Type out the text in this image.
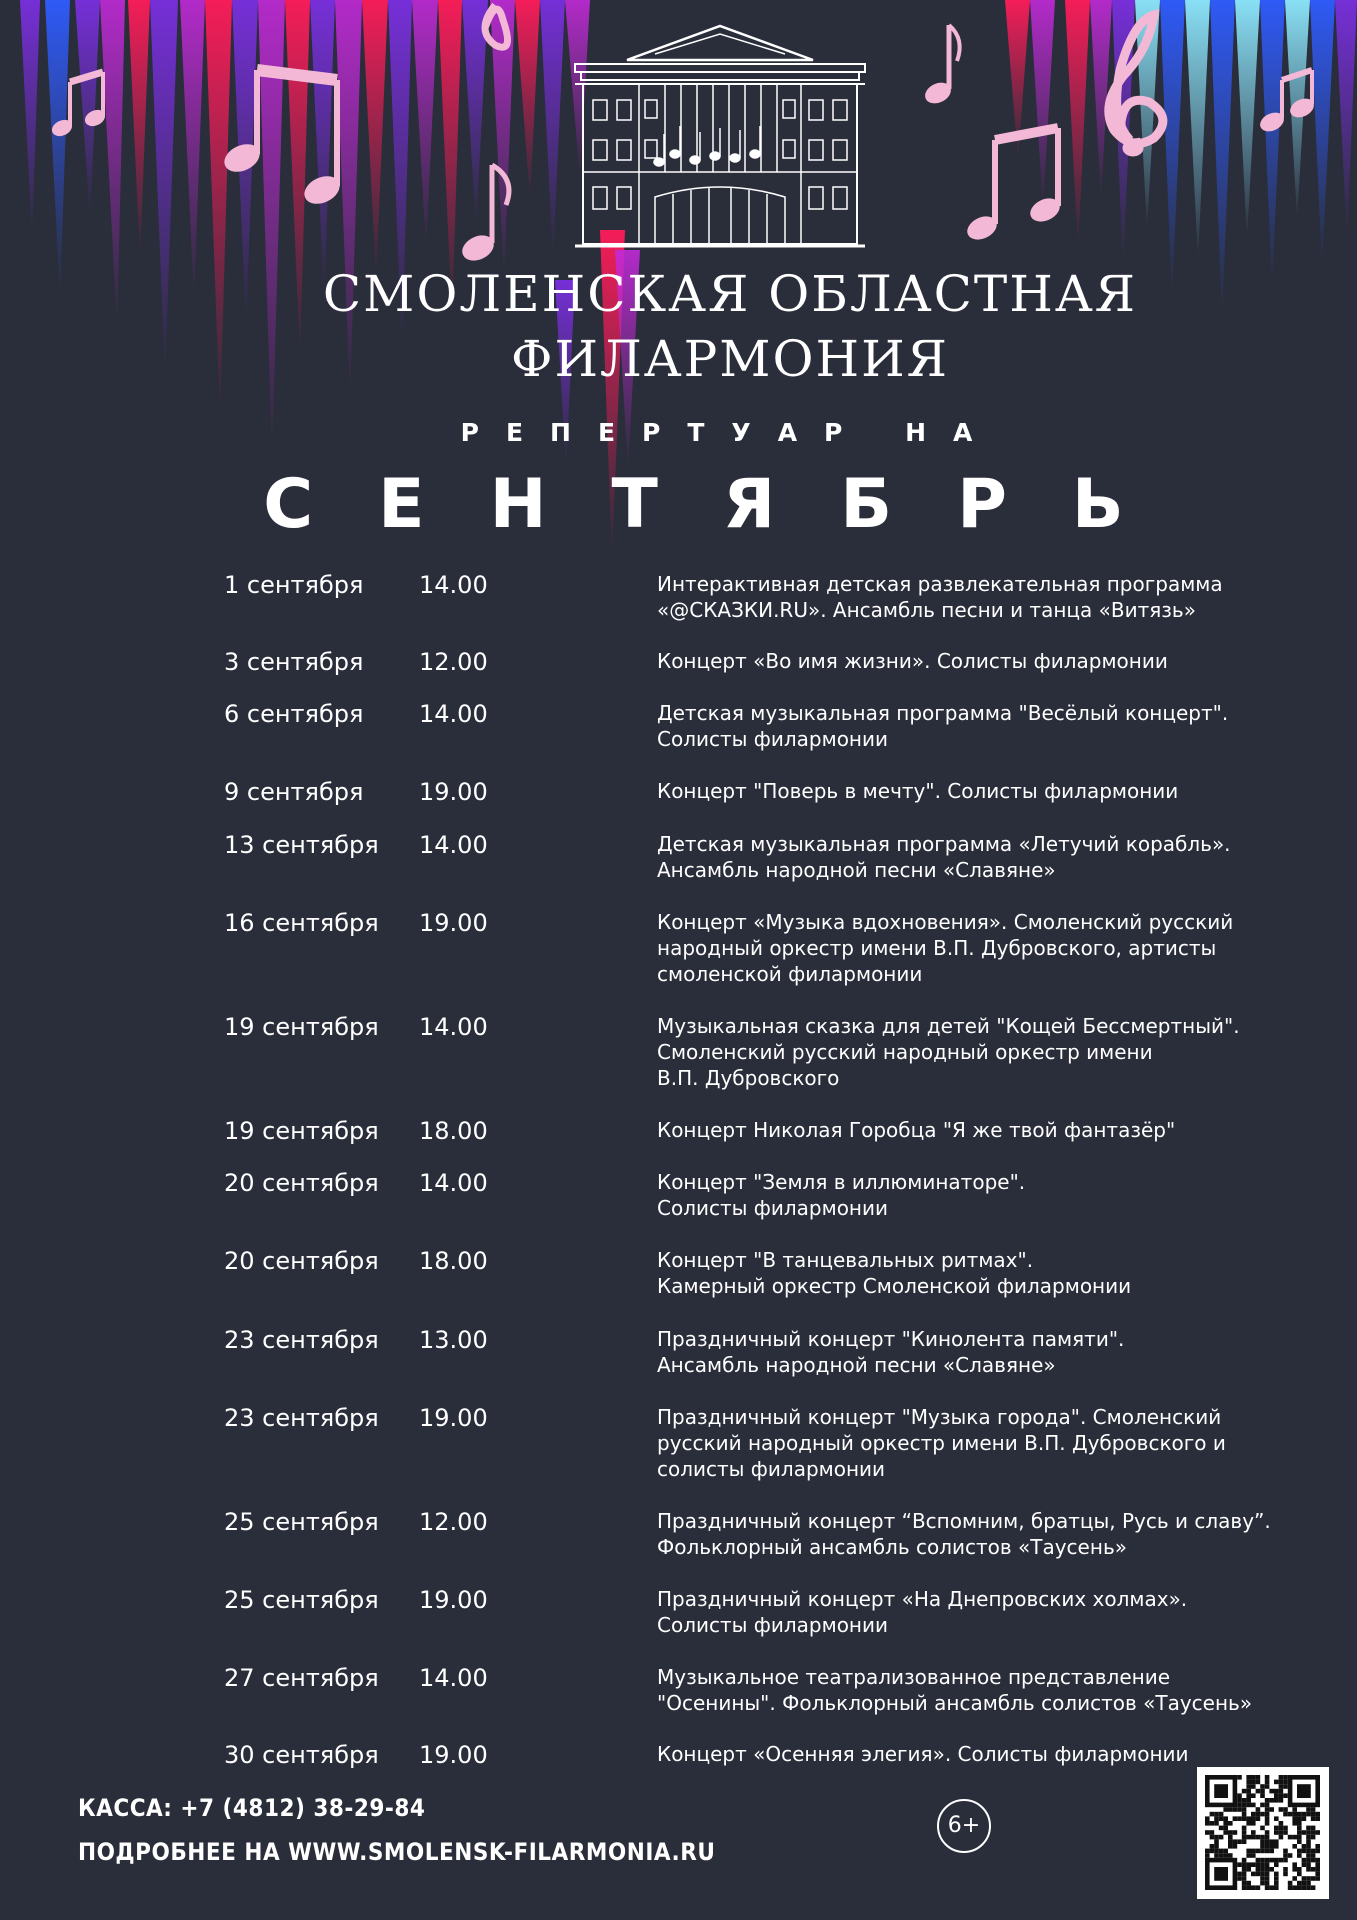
СМОЛЕНСКАЯ ОБЛАСТНАЯ
ФИЛАРМОНИЯ
РЕПЕРТУАР НА
СЕНТЯБРЬ
1 сентября 14.00	Интерактивная детская развлекательная программа
«@СКАЗКИ.RU». Ансамбль песни и танца «Витязь»
3 сентября 12.00	Концерт «Во имя жизни». Солисты филармонии
6 сентября 14.00	Детская музыкальная программа "Весёлый концерт".
Солисты филармонии
9 сентября 19.00	Концерт "Поверь в мечту". Солисты филармонии
13 сентября 14.00	Детская музыкальная программа «Летучий корабль».
Ансамбль народной песни «Славяне»
16 сентября 19.00	Концерт «Музыка вдохновения». Смоленский русский
народный оркестр имени В.П. Дубровского, артисты
смоленской филармонии
19 сентября 14.00	Музыкальная сказка для детей "Кощей Бессмертный".
Смоленский русский народный оркестр имени
В.П. Дубровского
19 сентября 18.00	Концерт Николая Горобца "Я же твой фантазёр"
20 сентября 14.00	Концерт "Земля в иллюминаторе".
Солисты филармонии
20 сентября 18.00	Концерт "В танцевальных ритмах".
Камерный оркестр Смоленской филармонии
23 сентября 13.00	Праздничный концерт "Кинолента памяти".
Ансамбль народной песни «Славяне»
23 сентября 19.00	Праздничный концерт "Музыка города". Смоленский
русский народный оркестр имени В.П. Дубровского и
солисты филармонии
25 сентября 12.00	Праздничный концерт “Вспомним, братцы, Русь и славу”.
Фольклорный ансамбль солистов «Таусень»
25 сентября 19.00	Праздничный концерт «На Днепровских холмах».
Солисты филармонии
27 сентября 14.00	Музыкальное театрализованное представление
"Осенины". Фольклорный ансамбль солистов «Таусень»
30 сентября 19.00	Концерт «Осенняя элегия». Солисты филармонии
КАССА: +7 (4812) 38-29-84
ПОДРОБНЕЕ НА WWW.SMOLENSK-FILARMONIA.RU
6+
